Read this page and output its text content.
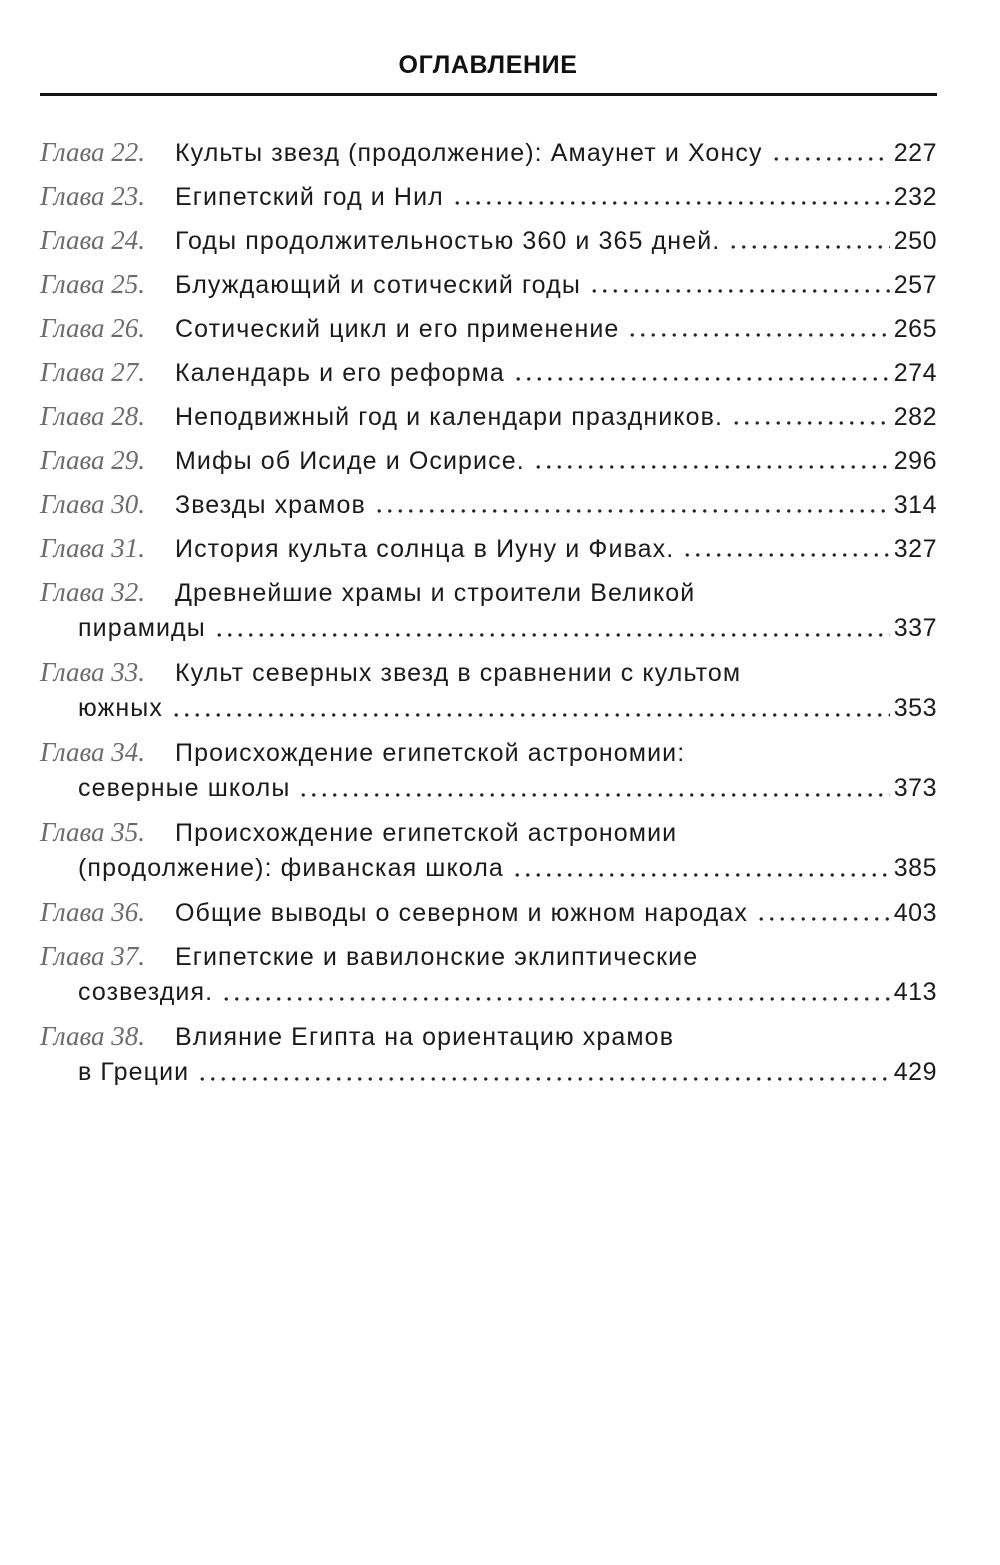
ОГЛАВЛЕНИЕ
Глава 22.	Культы звезд (продолжение): Амаунет и Хонсу	227
Глава 23.	Египетский год и Нил	232
Глава 24.	Годы продолжительностью 360 и 365 дней.	250
Глава 25.	Блуждающий и сотический годы	257
Глава 26.	Сотический цикл и его применение	265
Глава 27.	Календарь и его реформа	274
Глава 28.	Неподвижный год и календари праздников.	282
Глава 29.	Мифы об Исиде и Осирисе.	296
Глава 30.	Звезды храмов	314
Глава 31.	История культа солнца в Иуну и Фивах.	327
Глава 32.	Древнейшие храмы и строители Великой
пирамиды	337
Глава 33.	Культ северных звезд в сравнении с культом
южных	353
Глава 34.	Происхождение египетской астрономии:
северные школы	373
Глава 35.	Происхождение египетской астрономии
(продолжение): фиванская школа	385
Глава 36.	Общие выводы о северном и южном народах	403
Глава 37.	Египетские и вавилонские эклиптические
созвездия.	413
Глава 38.	Влияние Египта на ориентацию храмов
в Греции	429
